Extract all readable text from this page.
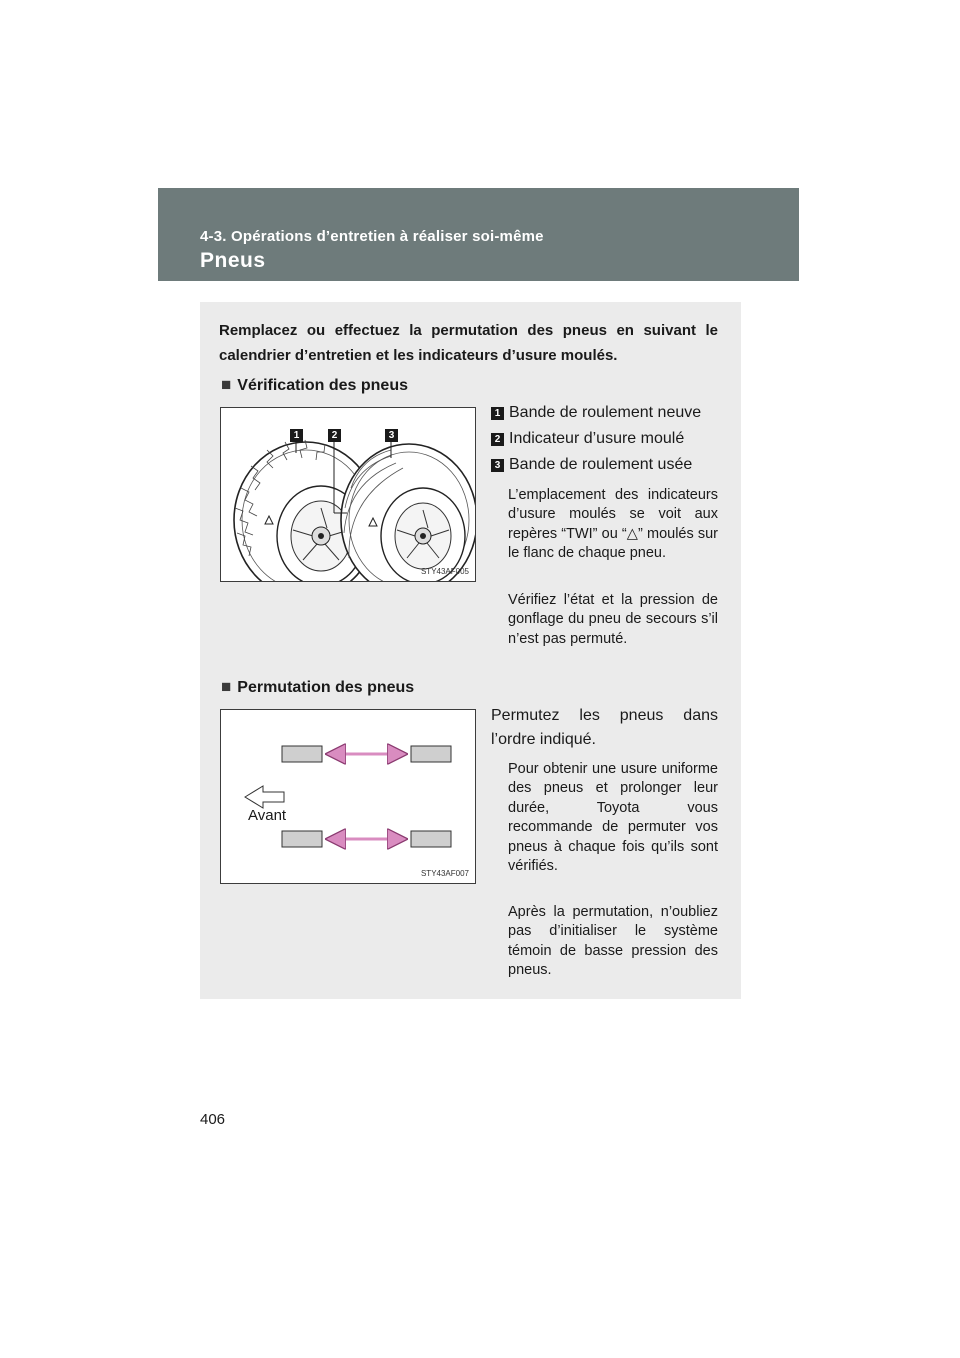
4-3. Opérations d’entretien à réaliser soi-même
Pneus
Remplacez ou effectuez la permutation des pneus en suivant le calendrier d’entretien et les indicateurs d’usure moulés.
■ Vérification des pneus
1	2	3
STY43AF005
1 Bande de roulement neuve
2 Indicateur d’usure moulé
3 Bande de roulement usée
L’emplacement des indicateurs d’usure moulés se voit aux repères “TWI” ou “△” moulés sur le flanc de chaque pneu.
Vérifiez l’état et la pression de gonflage du pneu de secours s’il n’est pas permuté.
■ Permutation des pneus
Avant
STY43AF007
Permutez les pneus dans l’ordre indiqué.
Pour obtenir une usure uniforme des pneus et prolonger leur durée, Toyota vous recommande de permuter vos pneus à chaque fois qu’ils sont vérifiés.
Après la permutation, n’oubliez pas d’initialiser le système témoin de basse pression des pneus.
406
